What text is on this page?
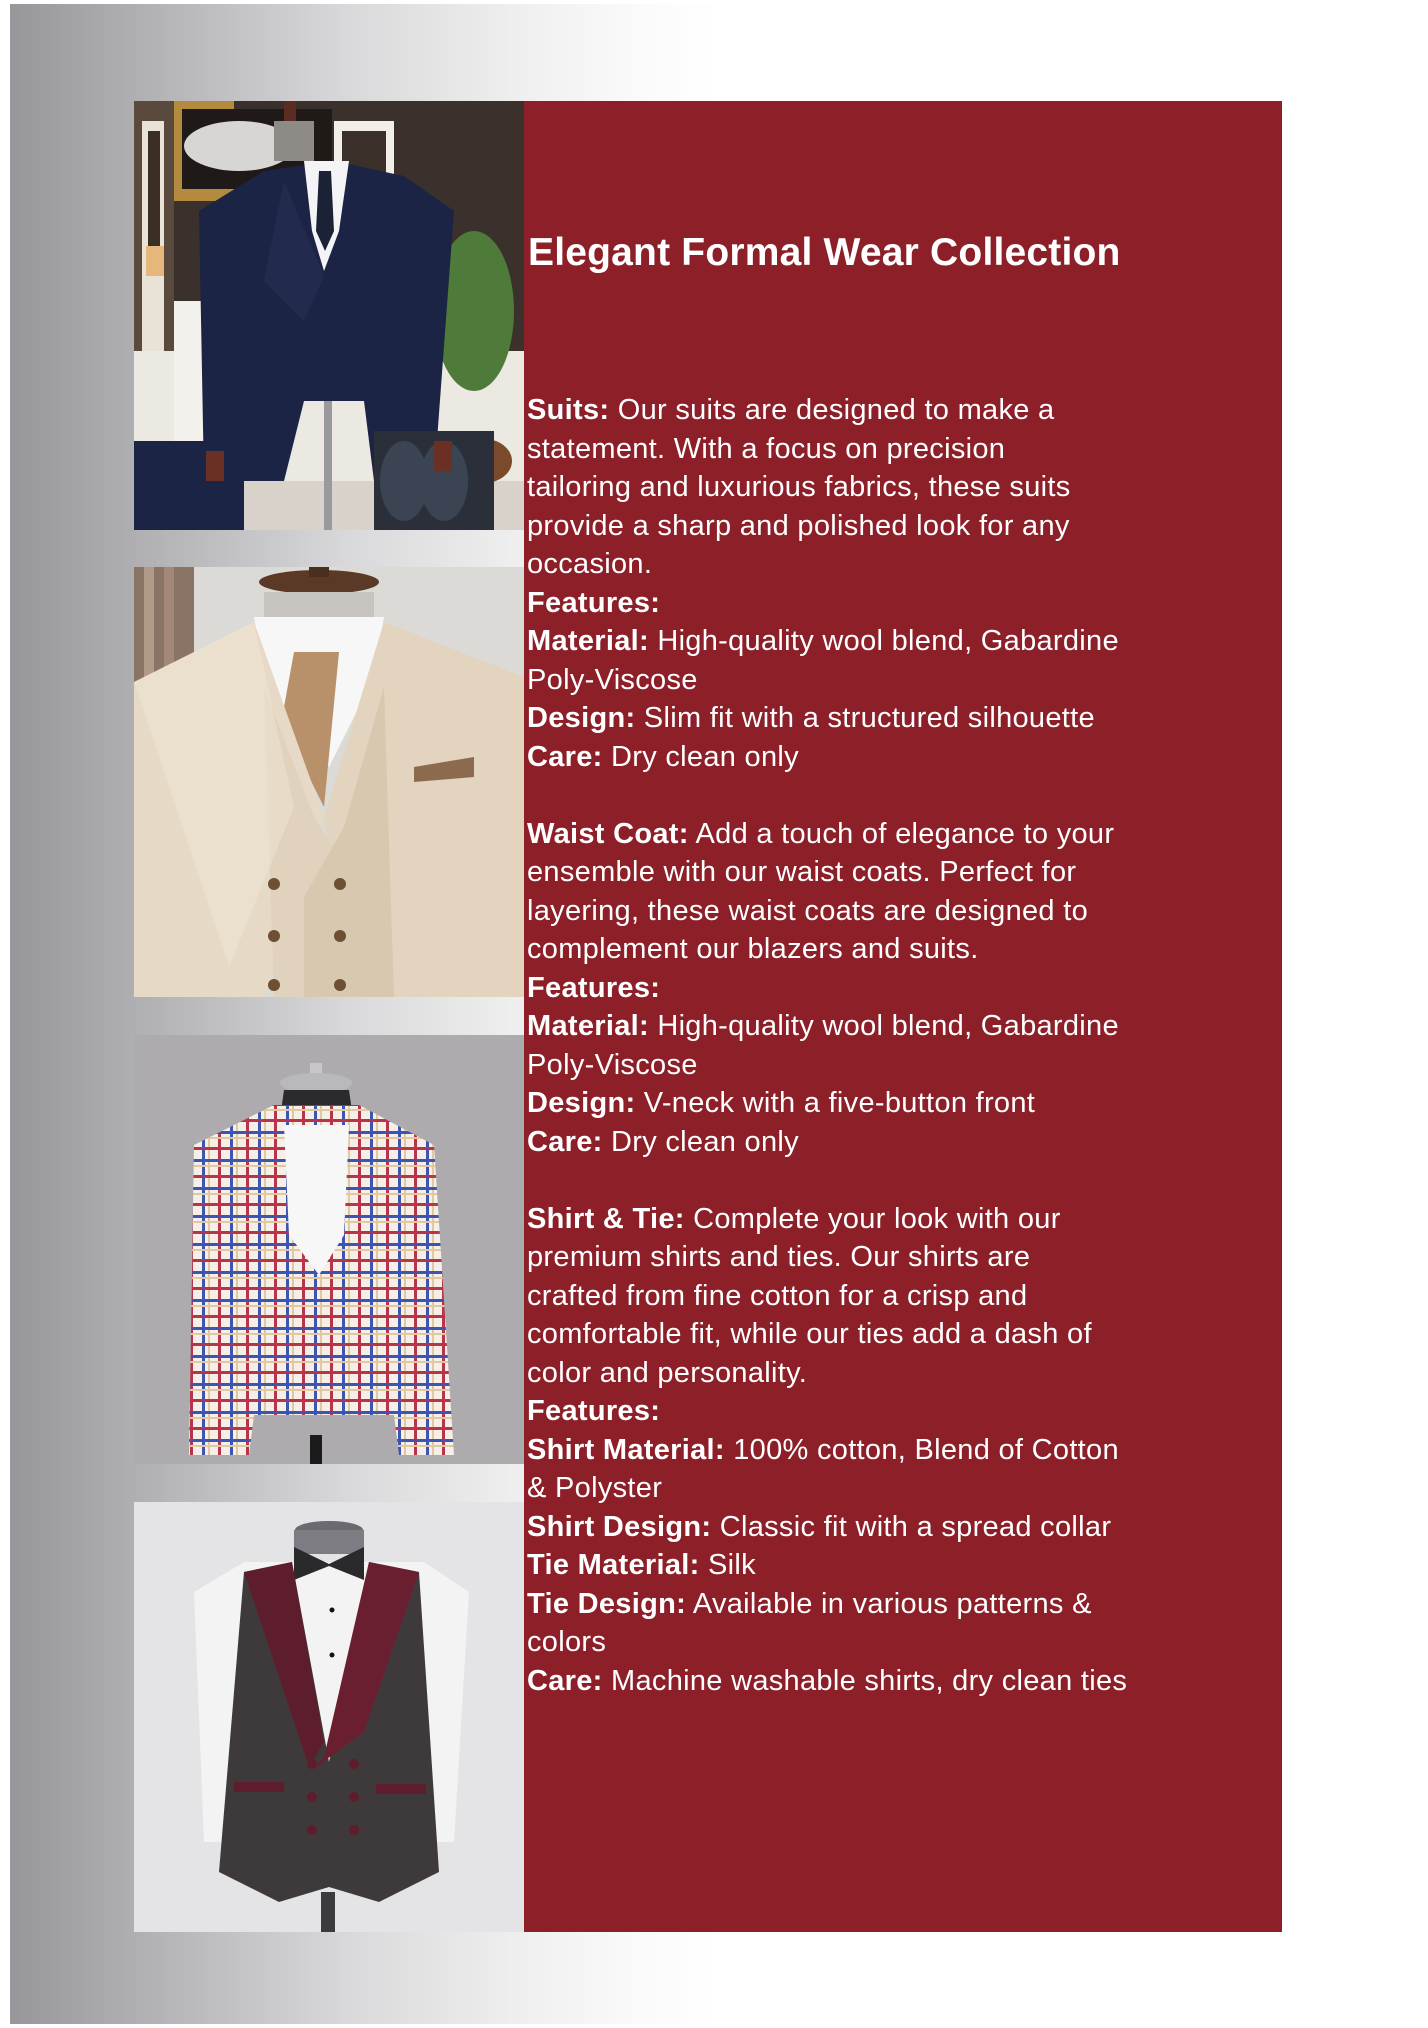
Elegant Formal Wear Collection
Suits: Our suits are designed to make a
statement. With a focus on precision
tailoring and luxurious fabrics, these suits
provide a sharp and polished look for any
occasion.
Features:
Material: High-quality wool blend, Gabardine
Poly-Viscose
Design: Slim fit with a structured silhouette
Care: Dry clean only
Waist Coat: Add a touch of elegance to your
ensemble with our waist coats. Perfect for
layering, these waist coats are designed to
complement our blazers and suits.
Features:
Material: High-quality wool blend, Gabardine
Poly-Viscose
Design: V-neck with a five-button front
Care: Dry clean only
Shirt & Tie: Complete your look with our
premium shirts and ties. Our shirts are
crafted from fine cotton for a crisp and
comfortable fit, while our ties add a dash of
color and personality.
Features:
Shirt Material: 100% cotton, Blend of Cotton
& Polyster
Shirt Design: Classic fit with a spread collar
Tie Material: Silk
Tie Design: Available in various patterns &
colors
Care: Machine washable shirts, dry clean ties
